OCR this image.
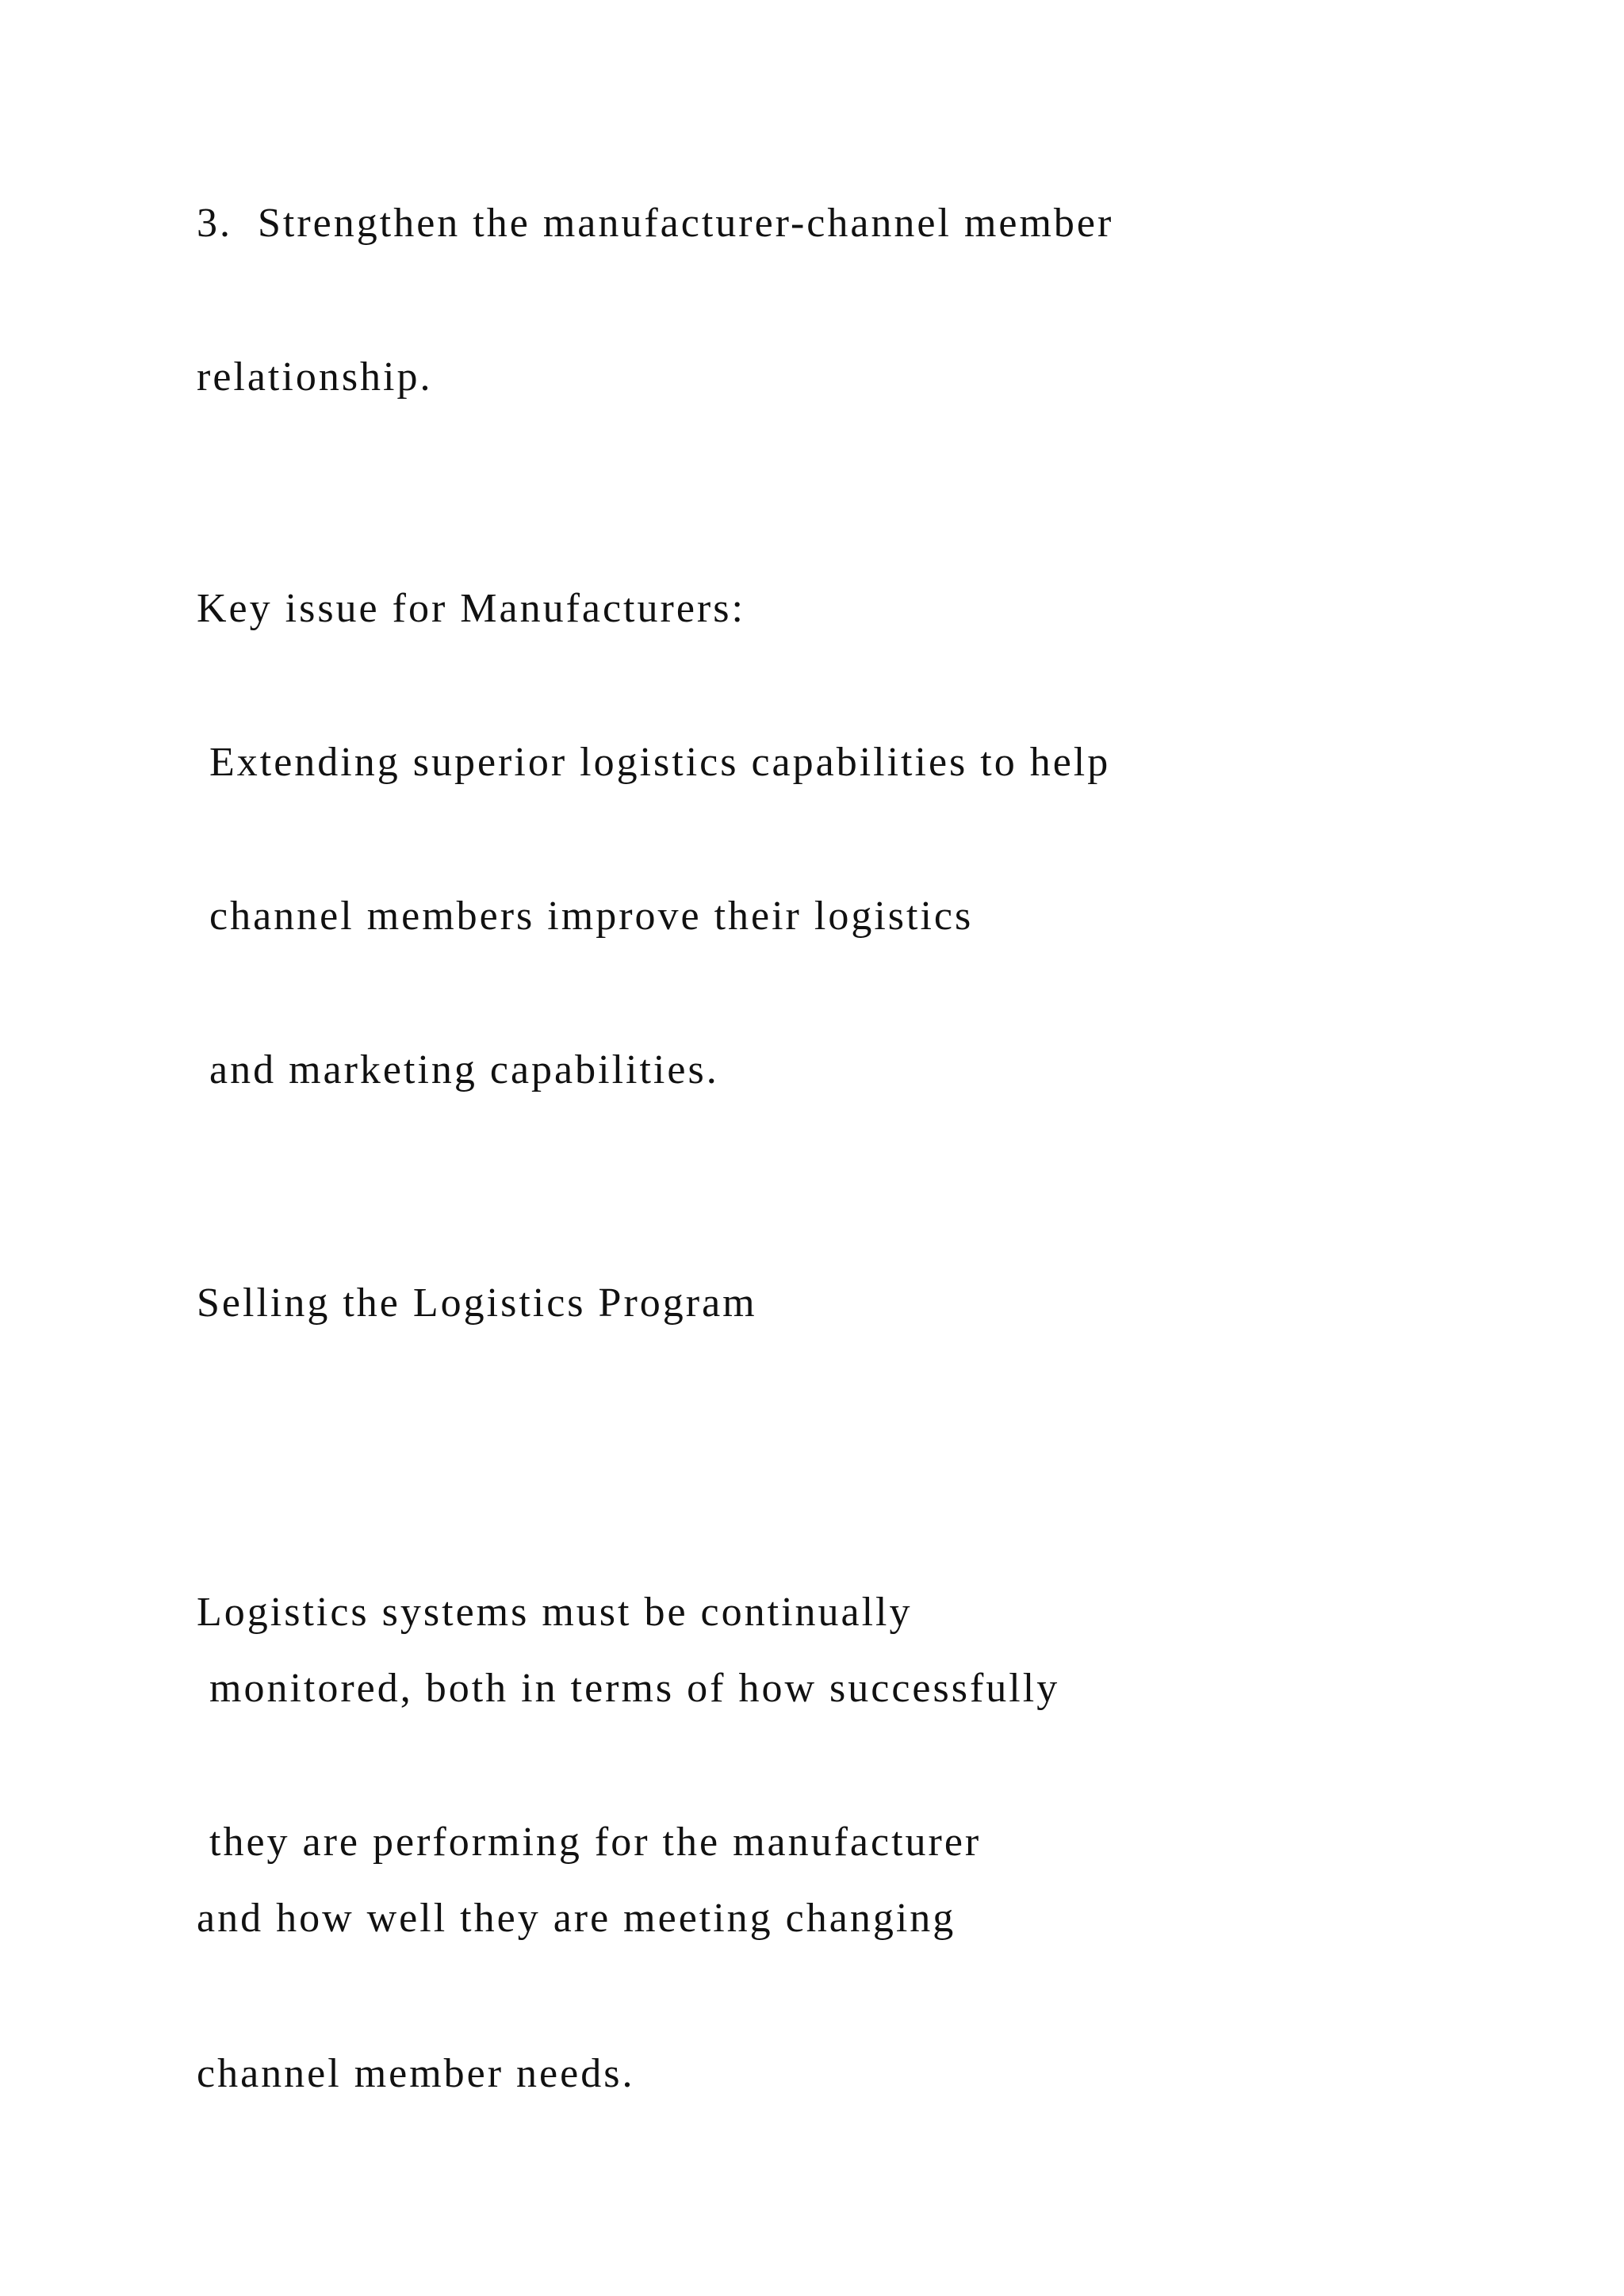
3.  Strengthen the manufacturer-channel member
relationship.
Key issue for Manufacturers:
Extending superior logistics capabilities to help
channel members improve their logistics
and marketing capabilities.
Selling the Logistics Program
Logistics systems must be continually
monitored, both in terms of how successfully
they are performing for the manufacturer
and how well they are meeting changing
channel member needs.
